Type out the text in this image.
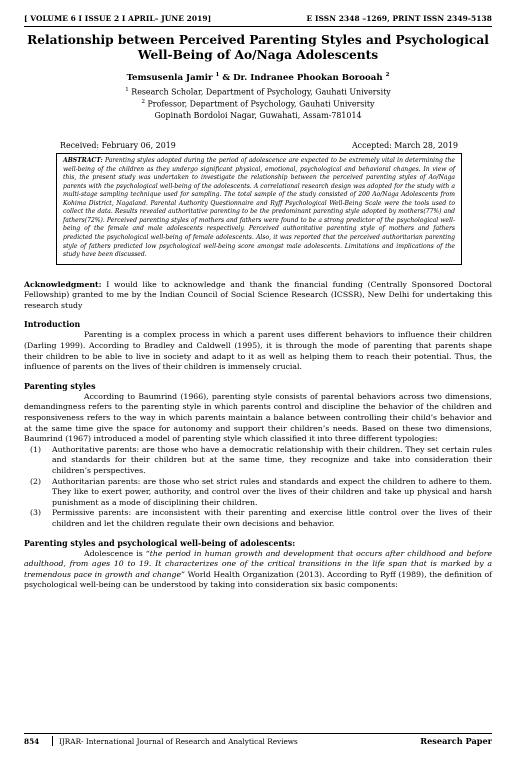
[ VOLUME 6 I ISSUE 2 I APRIL– JUNE 2019]	E ISSN 2348 –1269, PRINT ISSN 2349-5138
Relationship between Perceived Parenting Styles and Psychological
Well-Being of Ao/Naga Adolescents
Temsusenla Jamir $^1$ & Dr. Indranee Phookan Borooah $^2$
$^1$ Research Scholar, Department of Psychology, Gauhati University
$^2$ Professor, Department of Psychology, Gauhati University
Gopinath Bordoloi Nagar, Guwahati, Assam-781014
Received: February 06, 2019	Accepted: March 28, 2019
ABSTRACT: Parenting styles adopted during the period of adolescence are expected to be extremely vital in determining the well-being of the children as they undergo significant physical, emotional, psychological and behavioral changes. In view of this, the present study was undertaken to investigate the relationship between the perceived parenting styles of Ao/Naga parents with the psychological well-being of the adolescents. A correlational research design was adopted for the study with a multi-stage sampling technique used for sampling. The total sample of the study consisted of 200 Ao/Naga Adolescents from Kohima District, Nagaland. Parental Authority Questionnaire and Ryff Psychological Well-Being Scale were the tools used to collect the data. Results revealed authoritative parenting to be the predominant parenting style adopted by mothers(77%) and fathers(72%). Perceived parenting styles of mothers and fathers were found to be a strong predictor of the psychological well-being of the female and male adolescents respectively. Perceived authoritative parenting style of mothers and fathers predicted the psychological well-being of female adolescents. Also, it was reported that the perceived authoritarian parenting style of fathers predicted low psychological well-being score amongst male adolescents. Limitations and implications of the study have been discussed.
Acknowledgment: I would like to acknowledge and thank the financial funding (Centrally Sponsored Doctoral Fellowship) granted to me by the Indian Council of Social Science Research (ICSSR), New Delhi for undertaking this research study
Introduction
Parenting is a complex process in which a parent uses different behaviors to influence their children (Darling 1999). According to Bradley and Caldwell (1995), it is through the mode of parenting that parents shape their children to be able to live in society and adapt to it as well as helping them to reach their potential. Thus, the influence of parents on the lives of their children is immensely crucial.
Parenting styles
According to Baumrind (1966), parenting style consists of parental behaviors across two dimensions, demandingness refers to the parenting style in which parents control and discipline the behavior of the children and responsiveness refers to the way in which parents maintain a balance between controlling their child’s behavior and at the same time give the space for autonomy and support their children’s needs. Based on these two dimensions, Baumrind (1967) introduced a model of parenting style which classified it into three different typologies:
(1) Authoritative parents: are those who have a democratic relationship with their children. They set certain rules and standards for their children but at the same time, they recognize and take into consideration their children’s perspectives.
(2) Authoritarian parents: are those who set strict rules and standards and expect the children to adhere to them. They like to exert power, authority, and control over the lives of their children and take up physical and harsh punishment as a mode of disciplining their children.
(3) Permissive parents: are inconsistent with their parenting and exercise little control over the lives of their children and let the children regulate their own decisions and behavior.
Parenting styles and psychological well-being of adolescents:
Adolescence is “the period in human growth and development that occurs after childhood and before adulthood, from ages 10 to 19. It characterizes one of the critical transitions in the life span that is marked by a tremendous pace in growth and change” World Health Organization (2013). According to Ryff (1989), the definition of psychological well-being can be understood by taking into consideration six basic components:
854	IJRAR- International Journal of Research and Analytical Reviews	Research Paper
